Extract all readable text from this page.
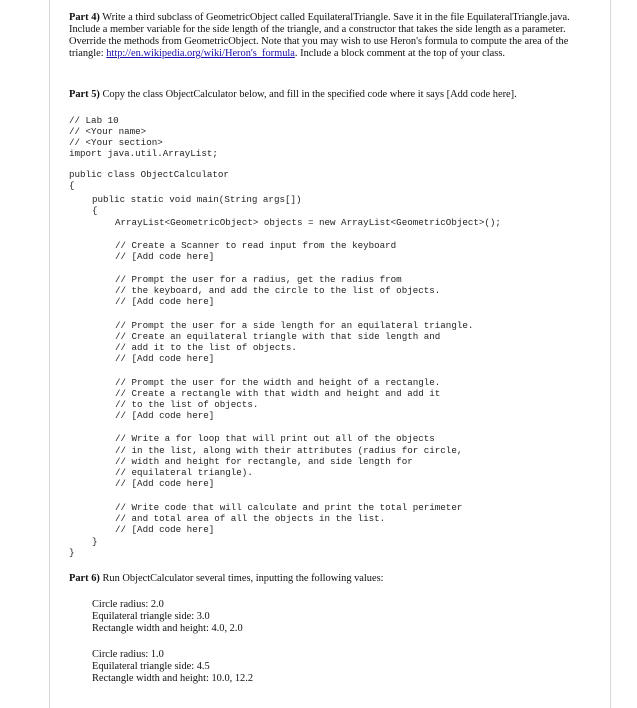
Part 4) Write a third subclass of GeometricObject called EquilateralTriangle. Save it in the file EquilateralTriangle.java. Include a member variable for the side length of the triangle, and a constructor that takes the side length as a parameter. Override the methods from GeometricObject. Note that you may wish to use Heron's formula to compute the area of the triangle: http://en.wikipedia.org/wiki/Heron's_formula. Include a block comment at the top of your class.

Part 5) Copy the class ObjectCalculator below, and fill in the specified code where it says [Add code here].

// Lab 10

// <Your name>

// <Your section>

import java.util.ArrayList;

public class ObjectCalculator

{

public static void main(String args[])

{

ArrayList<GeometricObject> objects = new ArrayList<GeometricObject>();

// Create a Scanner to read input from the keyboard

// [Add code here]

// Prompt the user for a radius, get the radius from

// the keyboard, and add the circle to the list of objects.

// [Add code here]

// Prompt the user for a side length for an equilateral triangle.

// Create an equilateral triangle with that side length and

// add it to the list of objects.

// [Add code here]

// Prompt the user for the width and height of a rectangle.

// Create a rectangle with that width and height and add it

// to the list of objects.

// [Add code here]

// Write a for loop that will print out all of the objects

// in the list, along with their attributes (radius for circle,

// width and height for rectangle, and side length for

// equilateral triangle).

// [Add code here]

// Write code that will calculate and print the total perimeter

// and total area of all the objects in the list.

// [Add code here]

}

}

Part 6) Run ObjectCalculator several times, inputting the following values:

Circle radius: 2.0
Equilateral triangle side: 3.0
Rectangle width and height: 4.0, 2.0
Circle radius: 1.0
Equilateral triangle side: 4.5
Rectangle width and height: 10.0, 12.2
